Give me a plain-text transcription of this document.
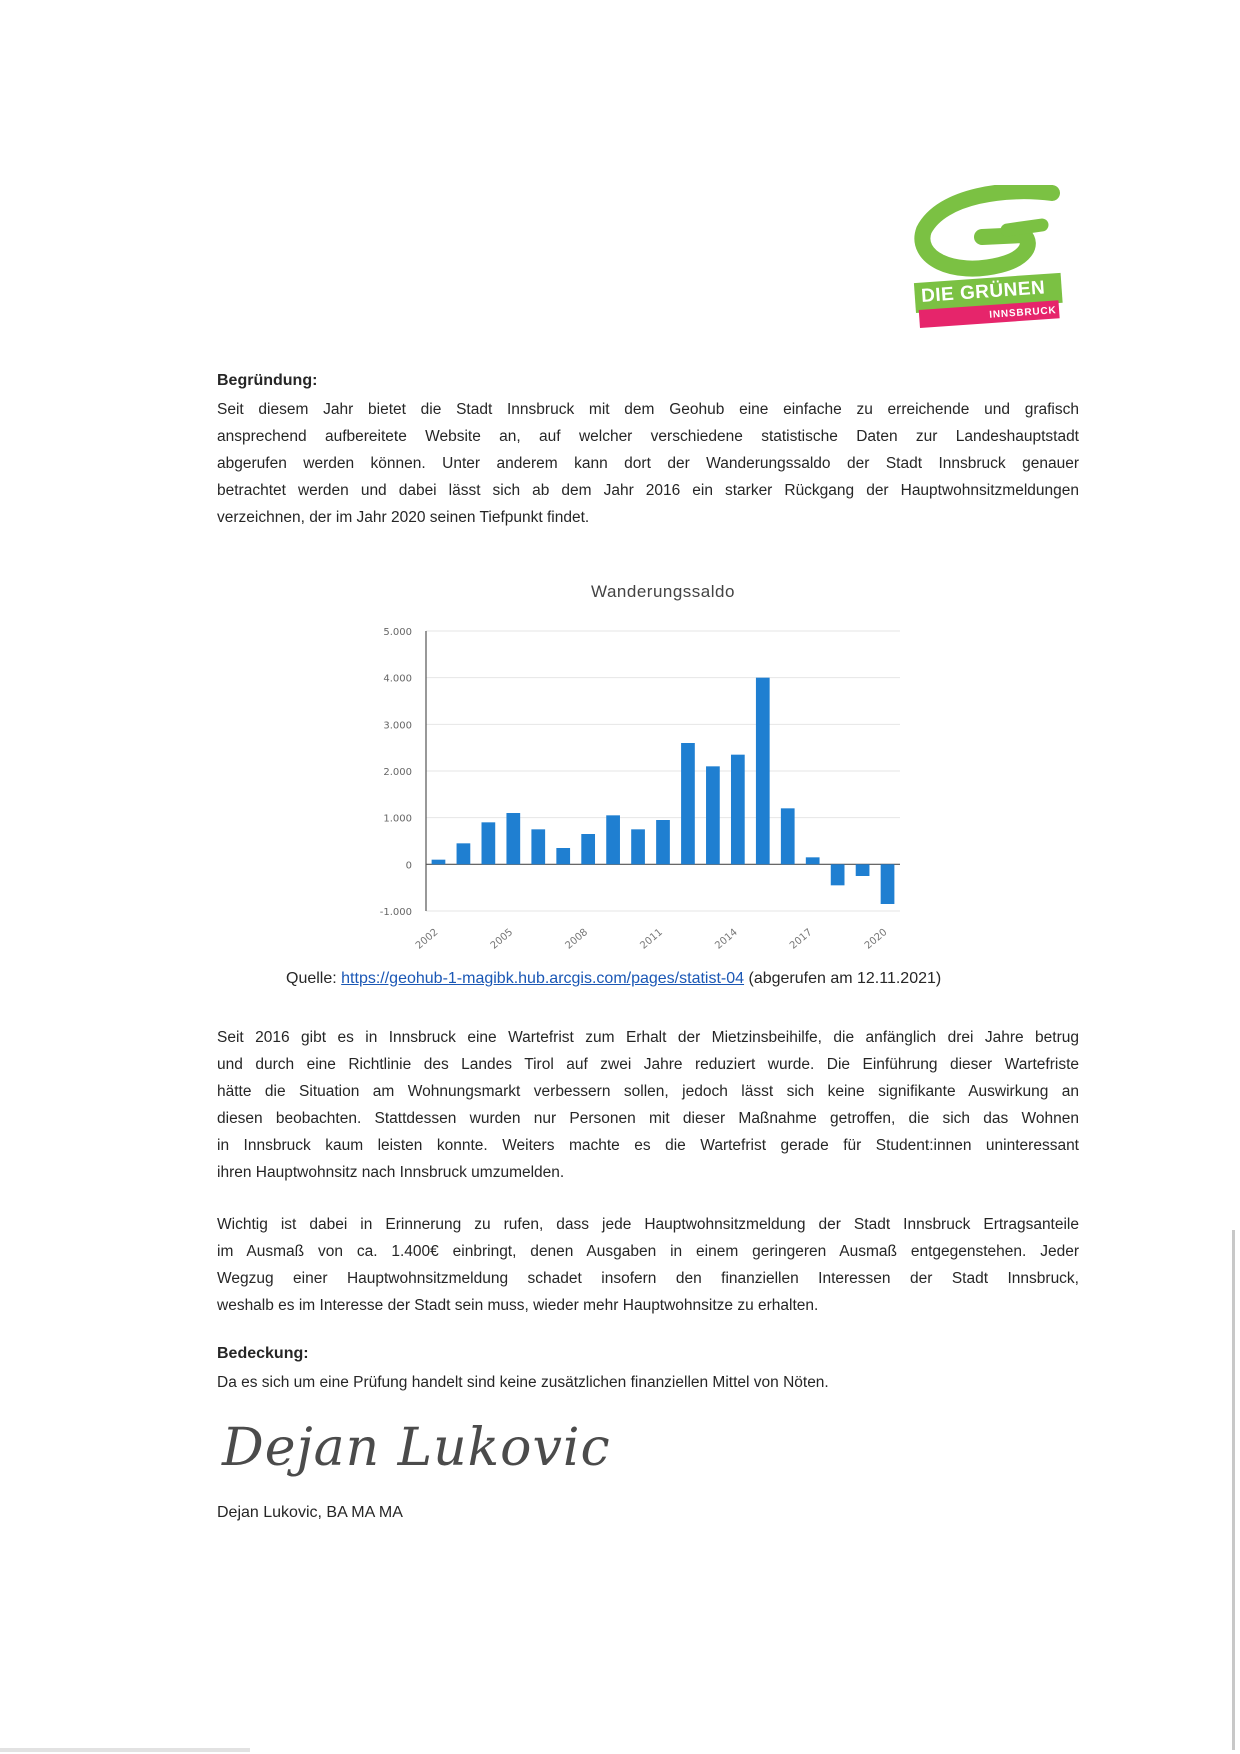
DIE GRÜNEN
INNSBRUCK
Begründung:
Seit diesem Jahr bietet die Stadt Innsbruck mit dem Geohub eine einfache zu erreichende und grafisch
ansprechend aufbereitete Website an, auf welcher verschiedene statistische Daten zur Landeshauptstadt
abgerufen werden können. Unter anderem kann dort der Wanderungssaldo der Stadt Innsbruck genauer
betrachtet werden und dabei lässt sich ab dem Jahr 2016 ein starker Rückgang der Hauptwohnsitzmeldungen
verzeichnen, der im Jahr 2020 seinen Tiefpunkt findet.
Wanderungssaldo
5.000
4.000
3.000
2.000
1.000
0
-1.000
2002	2005	2008	2011	2014	2017	2020
Quelle: https://geohub-1-magibk.hub.arcgis.com/pages/statist-04 (abgerufen am 12.11.2021)
Seit 2016 gibt es in Innsbruck eine Wartefrist zum Erhalt der Mietzinsbeihilfe, die anfänglich drei Jahre betrug
und durch eine Richtlinie des Landes Tirol auf zwei Jahre reduziert wurde. Die Einführung dieser Wartefriste
hätte die Situation am Wohnungsmarkt verbessern sollen, jedoch lässt sich keine signifikante Auswirkung an
diesen beobachten. Stattdessen wurden nur Personen mit dieser Maßnahme getroffen, die sich das Wohnen
in Innsbruck kaum leisten konnte. Weiters machte es die Wartefrist gerade für Student:innen uninteressant
ihren Hauptwohnsitz nach Innsbruck umzumelden.
Wichtig ist dabei in Erinnerung zu rufen, dass jede Hauptwohnsitzmeldung der Stadt Innsbruck Ertragsanteile
im Ausmaß von ca. 1.400€ einbringt, denen Ausgaben in einem geringeren Ausmaß entgegenstehen. Jeder
Wegzug einer Hauptwohnsitzmeldung schadet insofern den finanziellen Interessen der Stadt Innsbruck,
weshalb es im Interesse der Stadt sein muss, wieder mehr Hauptwohnsitze zu erhalten.
Bedeckung:
Da es sich um eine Prüfung handelt sind keine zusätzlichen finanziellen Mittel von Nöten.
Dejan Lukovic
Dejan Lukovic, BA MA MA
